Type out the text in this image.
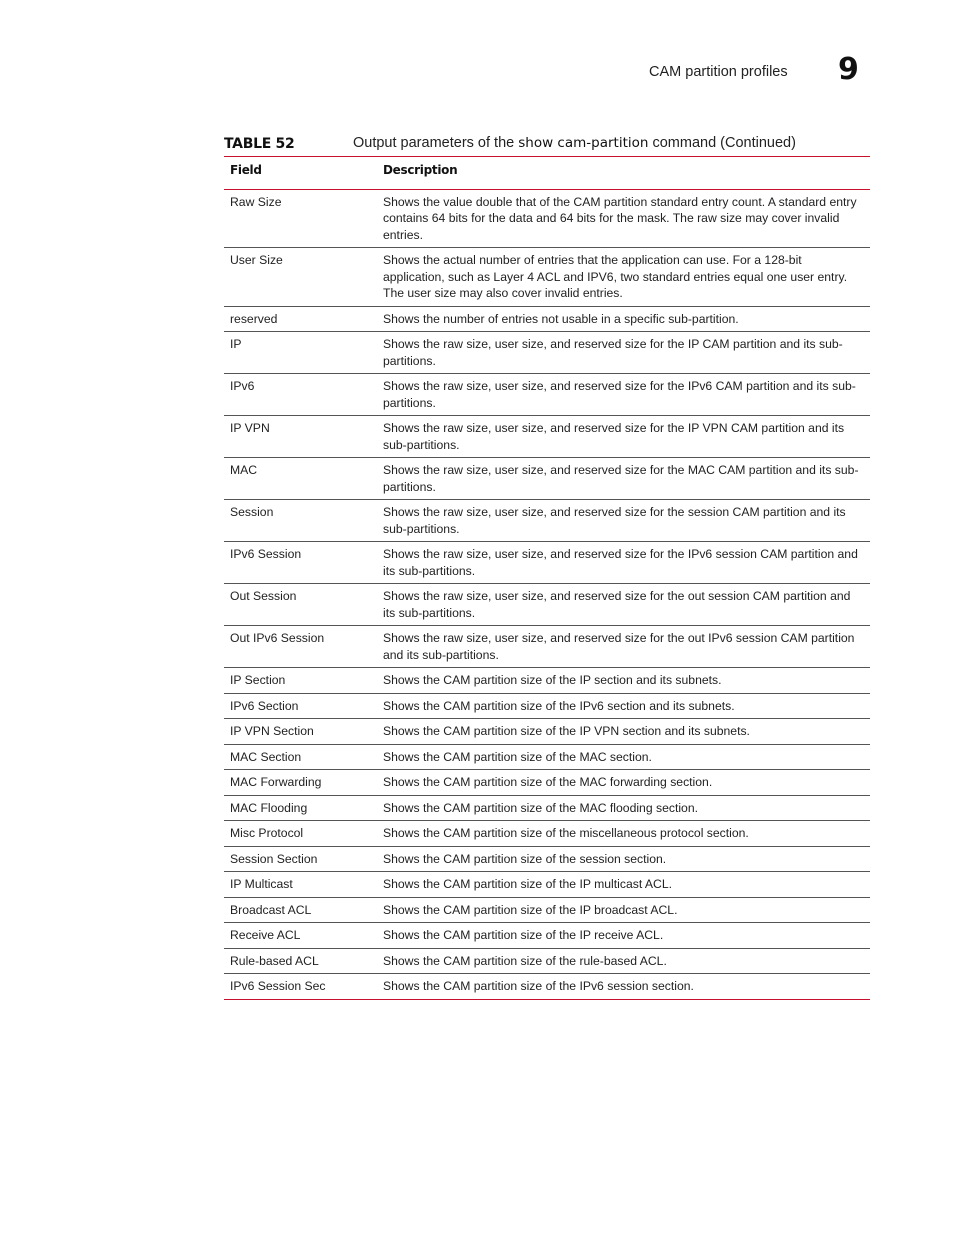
CAM partition profiles 9
TABLE 52	Output parameters of the show cam-partition command (Continued)
Field	Description
Raw Size	Shows the value double that of the CAM partition standard entry count. A standard entry contains 64 bits for the data and 64 bits for the mask. The raw size may cover invalid entries.
User Size	Shows the actual number of entries that the application can use. For a 128-bit application, such as Layer 4 ACL and IPV6, two standard entries equal one user entry. The user size may also cover invalid entries.
reserved	Shows the number of entries not usable in a specific sub-partition.
IP	Shows the raw size, user size, and reserved size for the IP CAM partition and its sub-partitions.
IPv6	Shows the raw size, user size, and reserved size for the IPv6 CAM partition and its sub-partitions.
IP VPN	Shows the raw size, user size, and reserved size for the IP VPN CAM partition and its sub-partitions.
MAC	Shows the raw size, user size, and reserved size for the MAC CAM partition and its sub-partitions.
Session	Shows the raw size, user size, and reserved size for the session CAM partition and its sub-partitions.
IPv6 Session	Shows the raw size, user size, and reserved size for the IPv6 session CAM partition and its sub-partitions.
Out Session	Shows the raw size, user size, and reserved size for the out session CAM partition and its sub-partitions.
Out IPv6 Session	Shows the raw size, user size, and reserved size for the out IPv6 session CAM partition and its sub-partitions.
IP Section	Shows the CAM partition size of the IP section and its subnets.
IPv6 Section	Shows the CAM partition size of the IPv6 section and its subnets.
IP VPN Section	Shows the CAM partition size of the IP VPN section and its subnets.
MAC Section	Shows the CAM partition size of the MAC section.
MAC Forwarding	Shows the CAM partition size of the MAC forwarding section.
MAC Flooding	Shows the CAM partition size of the MAC flooding section.
Misc Protocol	Shows the CAM partition size of the miscellaneous protocol section.
Session Section	Shows the CAM partition size of the session section.
IP Multicast	Shows the CAM partition size of the IP multicast ACL.
Broadcast ACL	Shows the CAM partition size of the IP broadcast ACL.
Receive ACL	Shows the CAM partition size of the IP receive ACL.
Rule-based ACL	Shows the CAM partition size of the rule-based ACL.
IPv6 Session Sec	Shows the CAM partition size of the IPv6 session section.
